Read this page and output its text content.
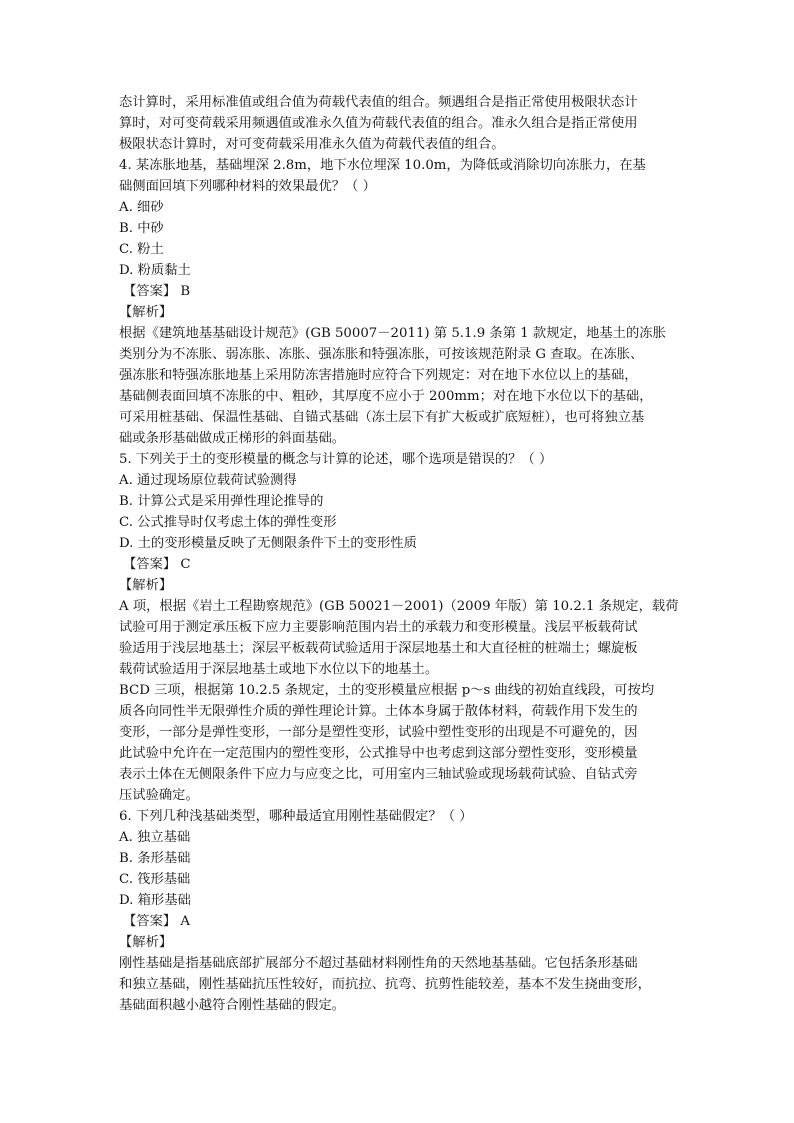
态计算时，采用标准值或组合值为荷载代表值的组合。频遇组合是指正常使用极限状态计
算时，对可变荷载采用频遇值或准永久值为荷载代表值的组合。准永久组合是指正常使用
极限状态计算时，对可变荷载采用准永久值为荷载代表值的组合。
4. 某冻胀地基，基础埋深 2.8m，地下水位埋深 10.0m，为降低或消除切向冻胀力，在基
础侧面回填下列哪种材料的效果最优？（ ）
A. 细砂
B. 中砂
C. 粉土
D. 粉质黏土
【答案】 B
【解析】
根据《建筑地基基础设计规范》(GB 50007－2011) 第 5.1.9 条第 1 款规定，地基土的冻胀
类别分为不冻胀、弱冻胀、冻胀、强冻胀和特强冻胀，可按该规范附录 G 查取。在冻胀、
强冻胀和特强冻胀地基上采用防冻害措施时应符合下列规定：对在地下水位以上的基础，
基础侧表面回填不冻胀的中、粗砂，其厚度不应小于 200mm；对在地下水位以下的基础，
可采用桩基础、保温性基础、自锚式基础（冻土层下有扩大板或扩底短桩），也可将独立基
础或条形基础做成正梯形的斜面基础。
5. 下列关于土的变形模量的概念与计算的论述，哪个选项是错误的？（ ）
A. 通过现场原位载荷试验测得
B. 计算公式是采用弹性理论推导的
C. 公式推导时仅考虑土体的弹性变形
D. 土的变形模量反映了无侧限条件下土的变形性质
【答案】 C
【解析】
A 项，根据《岩土工程勘察规范》(GB 50021－2001)（2009 年版）第 10.2.1 条规定，载荷
试验可用于测定承压板下应力主要影响范围内岩土的承载力和变形模量。浅层平板载荷试
验适用于浅层地基土；深层平板载荷试验适用于深层地基土和大直径桩的桩端土；螺旋板
载荷试验适用于深层地基土或地下水位以下的地基土。
BCD 三项，根据第 10.2.5 条规定，土的变形模量应根据 p～s 曲线的初始直线段，可按均
质各向同性半无限弹性介质的弹性理论计算。土体本身属于散体材料，荷载作用下发生的
变形，一部分是弹性变形，一部分是塑性变形，试验中塑性变形的出现是不可避免的，因
此试验中允许在一定范围内的塑性变形，公式推导中也考虑到这部分塑性变形，变形模量
表示土体在无侧限条件下应力与应变之比，可用室内三轴试验或现场载荷试验、自钻式旁
压试验确定。
6. 下列几种浅基础类型，哪种最适宜用刚性基础假定？（ ）
A. 独立基础
B. 条形基础
C. 筏形基础
D. 箱形基础
【答案】 A
【解析】
刚性基础是指基础底部扩展部分不超过基础材料刚性角的天然地基基础。它包括条形基础
和独立基础，刚性基础抗压性较好，而抗拉、抗弯、抗剪性能较差，基本不发生挠曲变形，
基础面积越小越符合刚性基础的假定。
